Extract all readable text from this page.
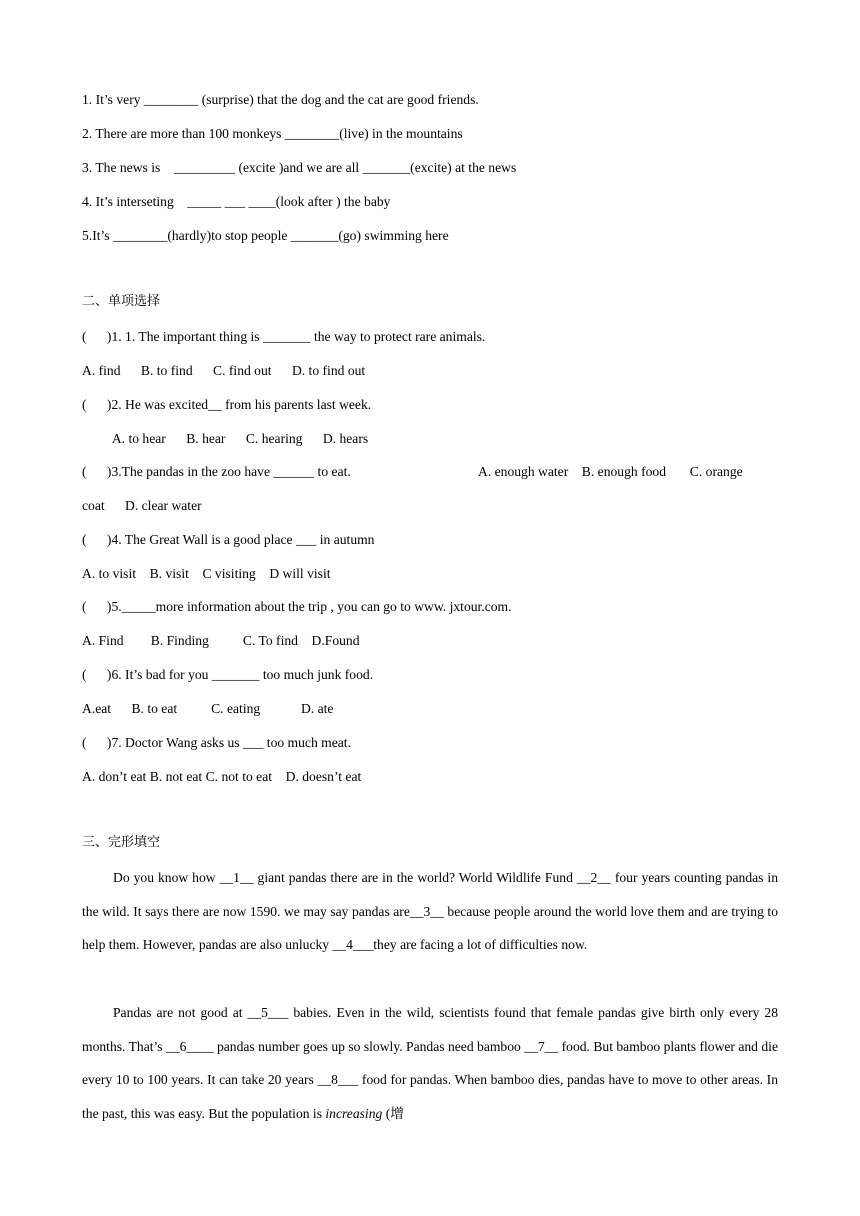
1. It’s very ________ (surprise) that the dog and the cat are good friends.
2. There are more than 100 monkeys ________(live) in the mountains
3. The news is    _________ (excite )and we are all _______(excite) at the news
4. It’s interseting    _____ ___ ____(look after ) the baby
5.It’s ________(hardly)to stop people _______(go) swimming here
二、单项选择
(      )1. 1. The important thing is _______ the way to protect rare animals.
A. find      B. to find      C. find out      D. to find out
(      )2. He was excited__ from his parents last week.
A. to hear      B. hear      C. hearing      D. hears
(      )3.The pandas in the zoo have ______ to eat.	A. enough water    B. enough food       C. orange
coat      D. clear water
(      )4. The Great Wall is a good place ___ in autumn
A. to visit    B. visit    C visiting    D will visit
(      )5._____more information about the trip , you can go to www. jxtour.com.
A. Find        B. Finding          C. To find    D.Found
(      )6. It’s bad for you _______ too much junk food.
A.eat      B. to eat          C. eating            D. ate
(      )7. Doctor Wang asks us ___ too much meat.
A. don’t eat B. not eat C. not to eat    D. doesn’t eat
三、完形填空

Do you know how __1__ giant pandas there are in the world? World Wildlife Fund __2__ four years counting pandas in the wild. It says there are now 1590. we may say pandas are__3__ because people around the world love them and are trying to help them. However, pandas are also unlucky __4___they are facing a lot of difficulties now.

Pandas are not good at __5___ babies. Even in the wild, scientists found that female pandas give birth only every 28 months. That’s __6____ pandas number goes up so slowly. Pandas need bamboo __7__ food. But bamboo plants flower and die every 10 to 100 years. It can take 20 years __8___ food for pandas. When bamboo dies, pandas have to move to other areas. In the past, this was easy. But the population is increasing (增
